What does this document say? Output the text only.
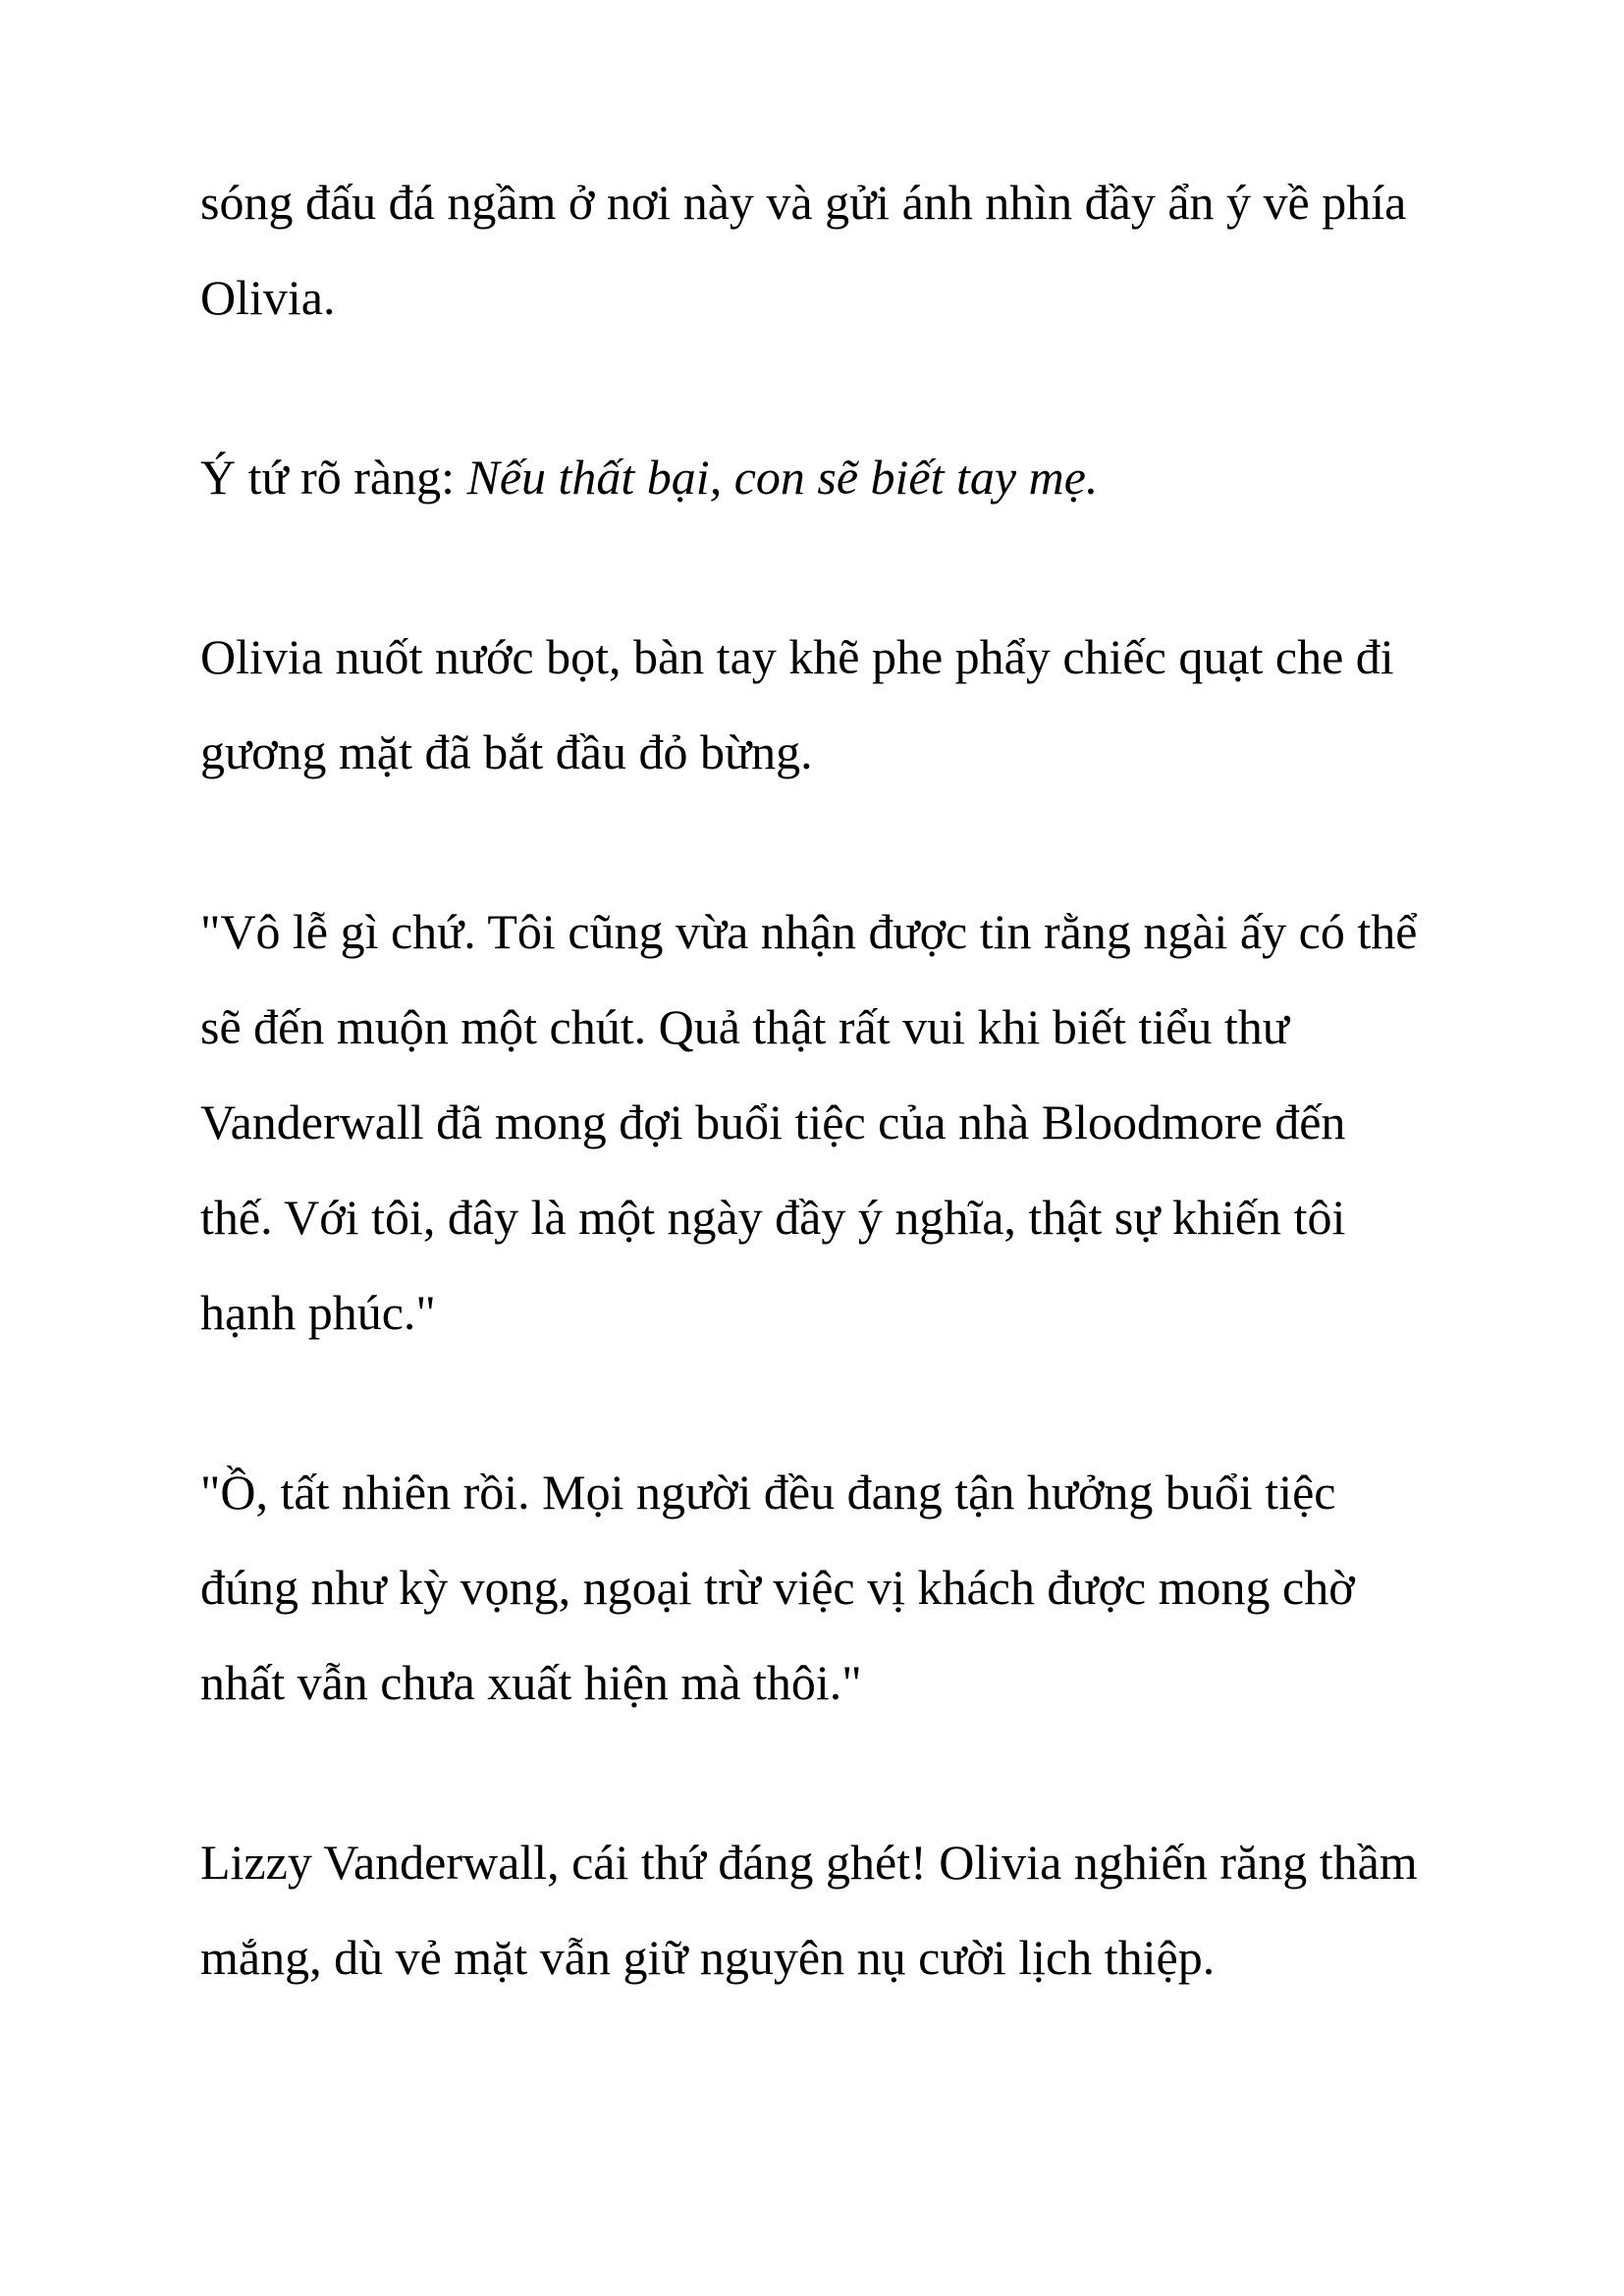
sóng đấu đá ngầm ở nơi này và gửi ánh nhìn đầy ẩn ý về phía
Olivia.
Ý tứ rõ ràng: Nếu thất bại, con sẽ biết tay mẹ.
Olivia nuốt nước bọt, bàn tay khẽ phe phẩy chiếc quạt che đi
gương mặt đã bắt đầu đỏ bừng.
"Vô lễ gì chứ. Tôi cũng vừa nhận được tin rằng ngài ấy có thể
sẽ đến muộn một chút. Quả thật rất vui khi biết tiểu thư
Vanderwall đã mong đợi buổi tiệc của nhà Bloodmore đến
thế. Với tôi, đây là một ngày đầy ý nghĩa, thật sự khiến tôi
hạnh phúc."
"Ồ, tất nhiên rồi. Mọi người đều đang tận hưởng buổi tiệc
đúng như kỳ vọng, ngoại trừ việc vị khách được mong chờ
nhất vẫn chưa xuất hiện mà thôi."
Lizzy Vanderwall, cái thứ đáng ghét! Olivia nghiến răng thầm
mắng, dù vẻ mặt vẫn giữ nguyên nụ cười lịch thiệp.
